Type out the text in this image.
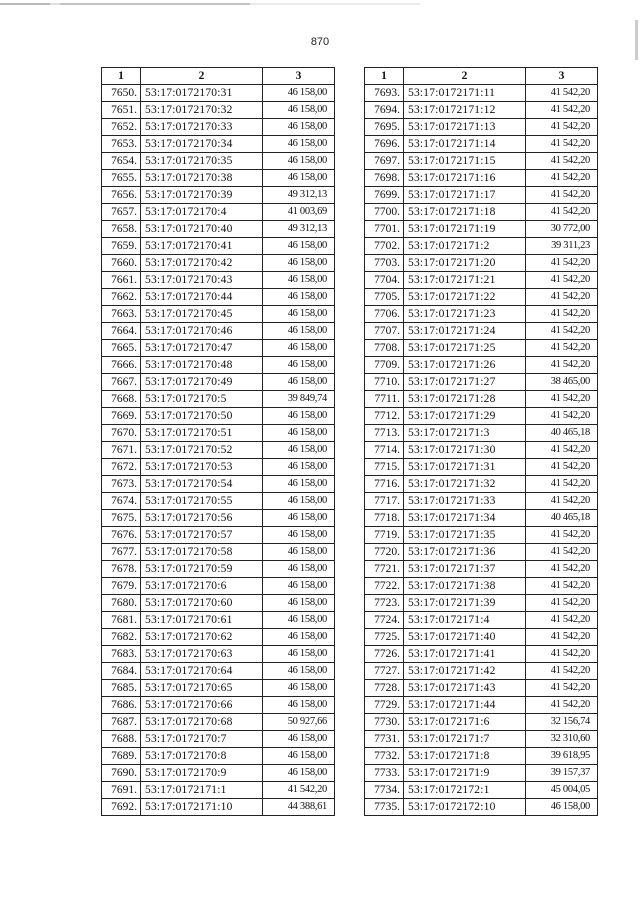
870
1	2	3
7650.	53:17:0172170:31	46 158,00
7651.	53:17:0172170:32	46 158,00
7652.	53:17:0172170:33	46 158,00
7653.	53:17:0172170:34	46 158,00
7654.	53:17:0172170:35	46 158,00
7655.	53:17:0172170:38	46 158,00
7656.	53:17:0172170:39	49 312,13
7657.	53:17:0172170:4	41 003,69
7658.	53:17:0172170:40	49 312,13
7659.	53:17:0172170:41	46 158,00
7660.	53:17:0172170:42	46 158,00
7661.	53:17:0172170:43	46 158,00
7662.	53:17:0172170:44	46 158,00
7663.	53:17:0172170:45	46 158,00
7664.	53:17:0172170:46	46 158,00
7665.	53:17:0172170:47	46 158,00
7666.	53:17:0172170:48	46 158,00
7667.	53:17:0172170:49	46 158,00
7668.	53:17:0172170:5	39 849,74
7669.	53:17:0172170:50	46 158,00
7670.	53:17:0172170:51	46 158,00
7671.	53:17:0172170:52	46 158,00
7672.	53:17:0172170:53	46 158,00
7673.	53:17:0172170:54	46 158,00
7674.	53:17:0172170:55	46 158,00
7675.	53:17:0172170:56	46 158,00
7676.	53:17:0172170:57	46 158,00
7677.	53:17:0172170:58	46 158,00
7678.	53:17:0172170:59	46 158,00
7679.	53:17:0172170:6	46 158,00
7680.	53:17:0172170:60	46 158,00
7681.	53:17:0172170:61	46 158,00
7682.	53:17:0172170:62	46 158,00
7683.	53:17:0172170:63	46 158,00
7684.	53:17:0172170:64	46 158,00
7685.	53:17:0172170:65	46 158,00
7686.	53:17:0172170:66	46 158,00
7687.	53:17:0172170:68	50 927,66
7688.	53:17:0172170:7	46 158,00
7689.	53:17:0172170:8	46 158,00
7690.	53:17:0172170:9	46 158,00
7691.	53:17:0172171:1	41 542,20
7692.	53:17:0172171:10	44 388,61
1	2	3
7693.	53:17:0172171:11	41 542,20
7694.	53:17:0172171:12	41 542,20
7695.	53:17:0172171:13	41 542,20
7696.	53:17:0172171:14	41 542,20
7697.	53:17:0172171:15	41 542,20
7698.	53:17:0172171:16	41 542,20
7699.	53:17:0172171:17	41 542,20
7700.	53:17:0172171:18	41 542,20
7701.	53:17:0172171:19	30 772,00
7702.	53:17:0172171:2	39 311,23
7703.	53:17:0172171:20	41 542,20
7704.	53:17:0172171:21	41 542,20
7705.	53:17:0172171:22	41 542,20
7706.	53:17:0172171:23	41 542,20
7707.	53:17:0172171:24	41 542,20
7708.	53:17:0172171:25	41 542,20
7709.	53:17:0172171:26	41 542,20
7710.	53:17:0172171:27	38 465,00
7711.	53:17:0172171:28	41 542,20
7712.	53:17:0172171:29	41 542,20
7713.	53:17:0172171:3	40 465,18
7714.	53:17:0172171:30	41 542,20
7715.	53:17:0172171:31	41 542,20
7716.	53:17:0172171:32	41 542,20
7717.	53:17:0172171:33	41 542,20
7718.	53:17:0172171:34	40 465,18
7719.	53:17:0172171:35	41 542,20
7720.	53:17:0172171:36	41 542,20
7721.	53:17:0172171:37	41 542,20
7722.	53:17:0172171:38	41 542,20
7723.	53:17:0172171:39	41 542,20
7724.	53:17:0172171:4	41 542,20
7725.	53:17:0172171:40	41 542,20
7726.	53:17:0172171:41	41 542,20
7727.	53:17:0172171:42	41 542,20
7728.	53:17:0172171:43	41 542,20
7729.	53:17:0172171:44	41 542,20
7730.	53:17:0172171:6	32 156,74
7731.	53:17:0172171:7	32 310,60
7732.	53:17:0172171:8	39 618,95
7733.	53:17:0172171:9	39 157,37
7734.	53:17:0172172:1	45 004,05
7735.	53:17:0172172:10	46 158,00
